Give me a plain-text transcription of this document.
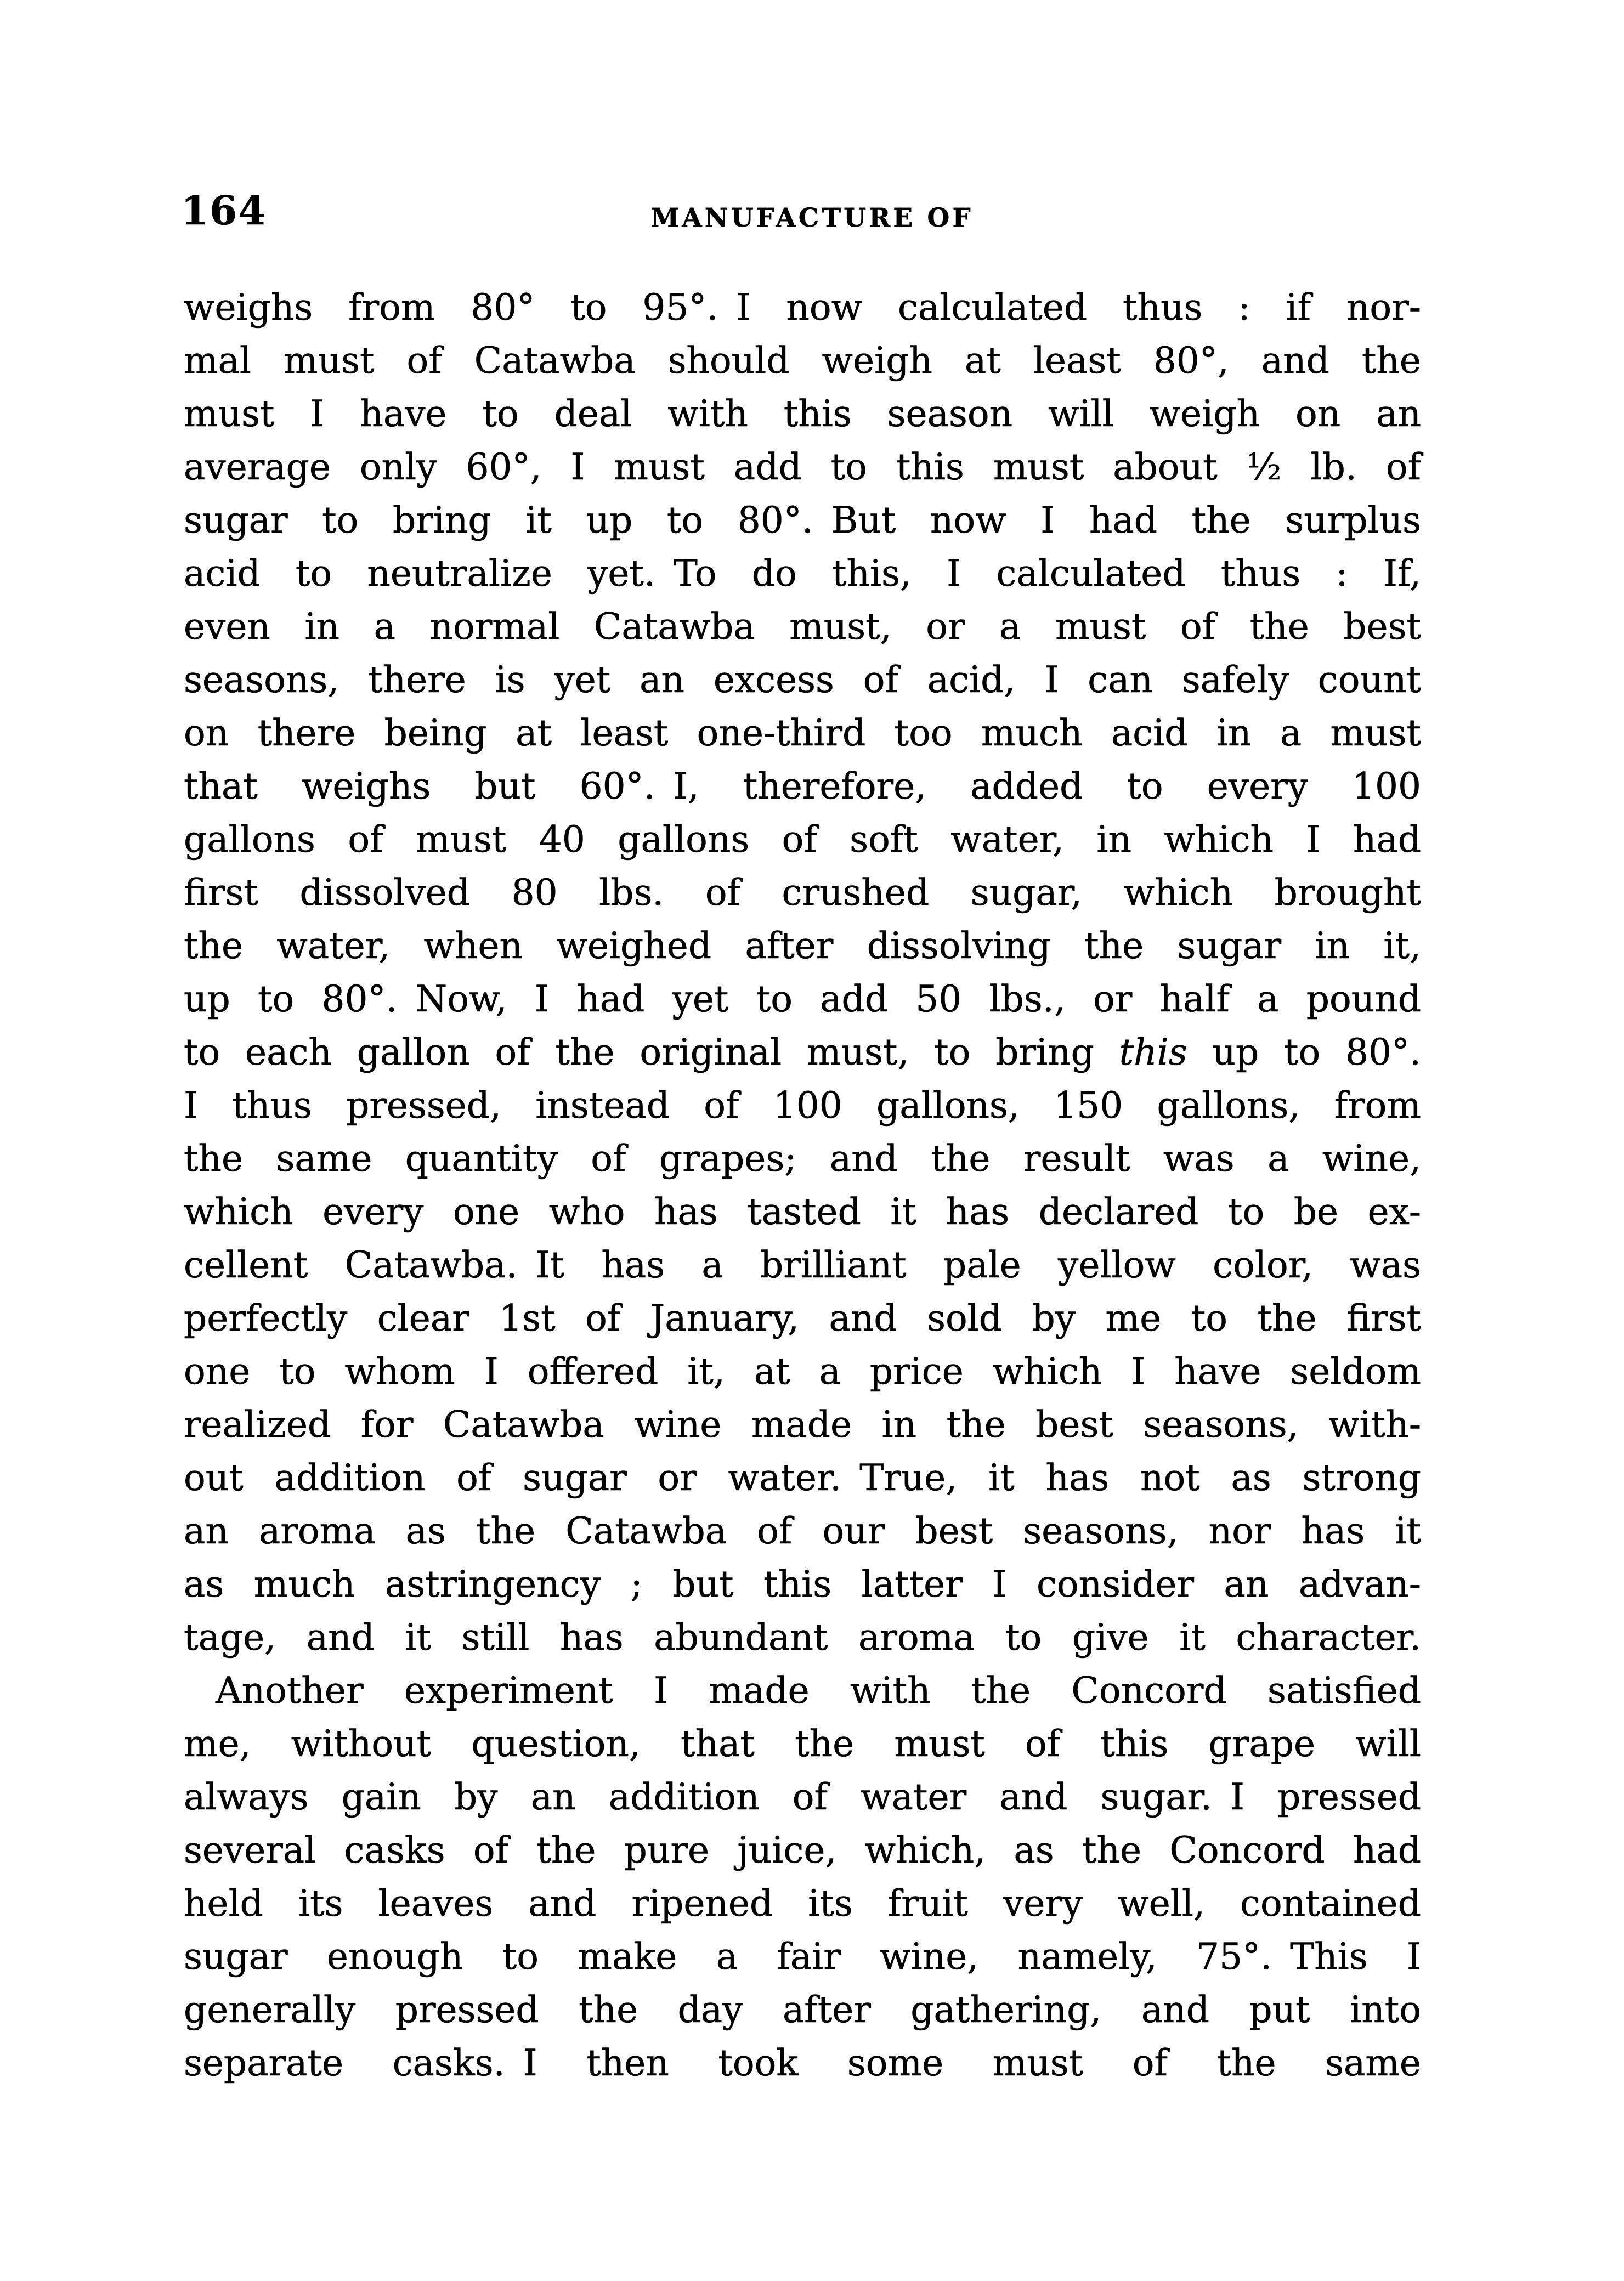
164	MANUFACTURE OF
weighs from 80° to 95°. I now calculated thus : if nor-
mal must of Catawba should weigh at least 80°, and the
must I have to deal with this season will weigh on an
average only 60°, I must add to this must about ½ lb. of
sugar to bring it up to 80°. But now I had the surplus
acid to neutralize yet. To do this, I calculated thus : If,
even in a normal Catawba must, or a must of the best
seasons, there is yet an excess of acid, I can safely count
on there being at least one-third too much acid in a must
that weighs but 60°. I, therefore, added to every 100
gallons of must 40 gallons of soft water, in which I had
first dissolved 80 lbs. of crushed sugar, which brought
the water, when weighed after dissolving the sugar in it,
up to 80°. Now, I had yet to add 50 lbs., or half a pound
to each gallon of the original must, to bring this up to 80°.
I thus pressed, instead of 100 gallons, 150 gallons, from
the same quantity of grapes; and the result was a wine,
which every one who has tasted it has declared to be ex-
cellent Catawba. It has a brilliant pale yellow color, was
perfectly clear 1st of January, and sold by me to the first
one to whom I offered it, at a price which I have seldom
realized for Catawba wine made in the best seasons, with-
out addition of sugar or water. True, it has not as strong
an aroma as the Catawba of our best seasons, nor has it
as much astringency ; but this latter I consider an advan-
tage, and it still has abundant aroma to give it character.
Another experiment I made with the Concord satisfied
me, without question, that the must of this grape will
always gain by an addition of water and sugar. I pressed
several casks of the pure juice, which, as the Concord had
held its leaves and ripened its fruit very well, contained
sugar enough to make a fair wine, namely, 75°. This I
generally pressed the day after gathering, and put into
separate casks. I then took some must of the same
